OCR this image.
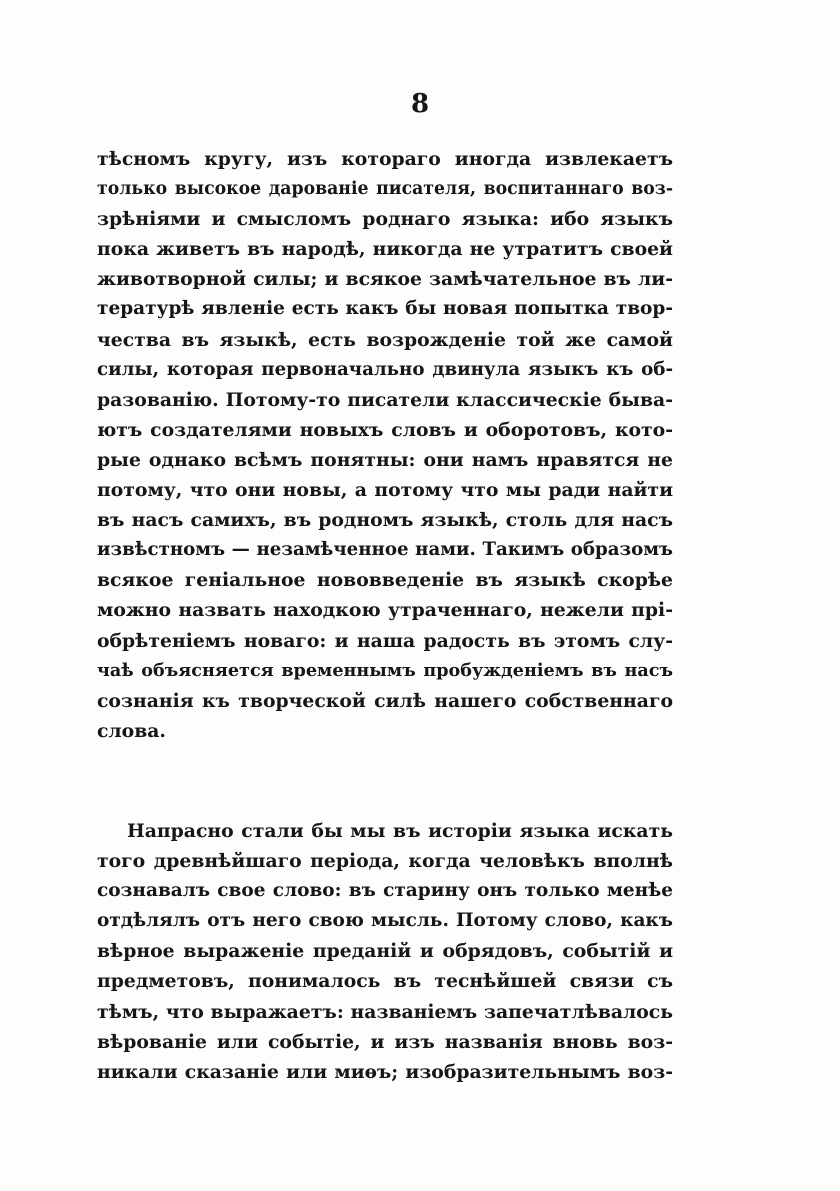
8
тѣсномъ кругу, изъ котораго иногда извлекаетъ
только высокое дарованіе писателя, воспитаннаго воз-
зрѣніями и смысломъ роднаго языка: ибо языкъ
пока живетъ въ народѣ, никогда не утратитъ своей
животворной силы; и всякое замѣчательное въ ли-
тературѣ явленіе есть какъ бы новая попытка твор-
чества въ языкѣ, есть возрожденіе той же самой
силы, которая первоначально двинула языкъ къ об-
разованію. Потому-то писатели классическіе быва-
ютъ создателями новыхъ словъ и оборотовъ, кото-
рые однако всѣмъ понятны: они намъ нравятся не
потому, что они новы, а потому что мы ради найти
въ насъ самихъ, въ родномъ языкѣ, столь для насъ
извѣстномъ — незамѣченное нами. Такимъ образомъ
всякое геніальное нововведеніе въ языкѣ скорѣе
можно назвать находкою утраченнаго, нежели прі-
обрѣтеніемъ новаго: и наша радость въ этомъ слу-
чаѣ объясняется временнымъ пробужденіемъ въ насъ
сознанія къ творческой силѣ нашего собственнаго
слова.
Напрасно стали бы мы въ исторіи языка искать
того древнѣйшаго періода, когда человѣкъ вполнѣ
сознавалъ свое слово: въ старину онъ только менѣе
отдѣлялъ отъ него свою мысль. Потому слово, какъ
вѣрное выраженіе преданій и обрядовъ, событій и
предметовъ, понималось въ теснѣйшей связи съ
тѣмъ, что выражаетъ: названіемъ запечатлѣвалось
вѣрованіе или событіе, и изъ названія вновь воз-
никали сказаніе или миѳъ; изобразительнымъ воз-
